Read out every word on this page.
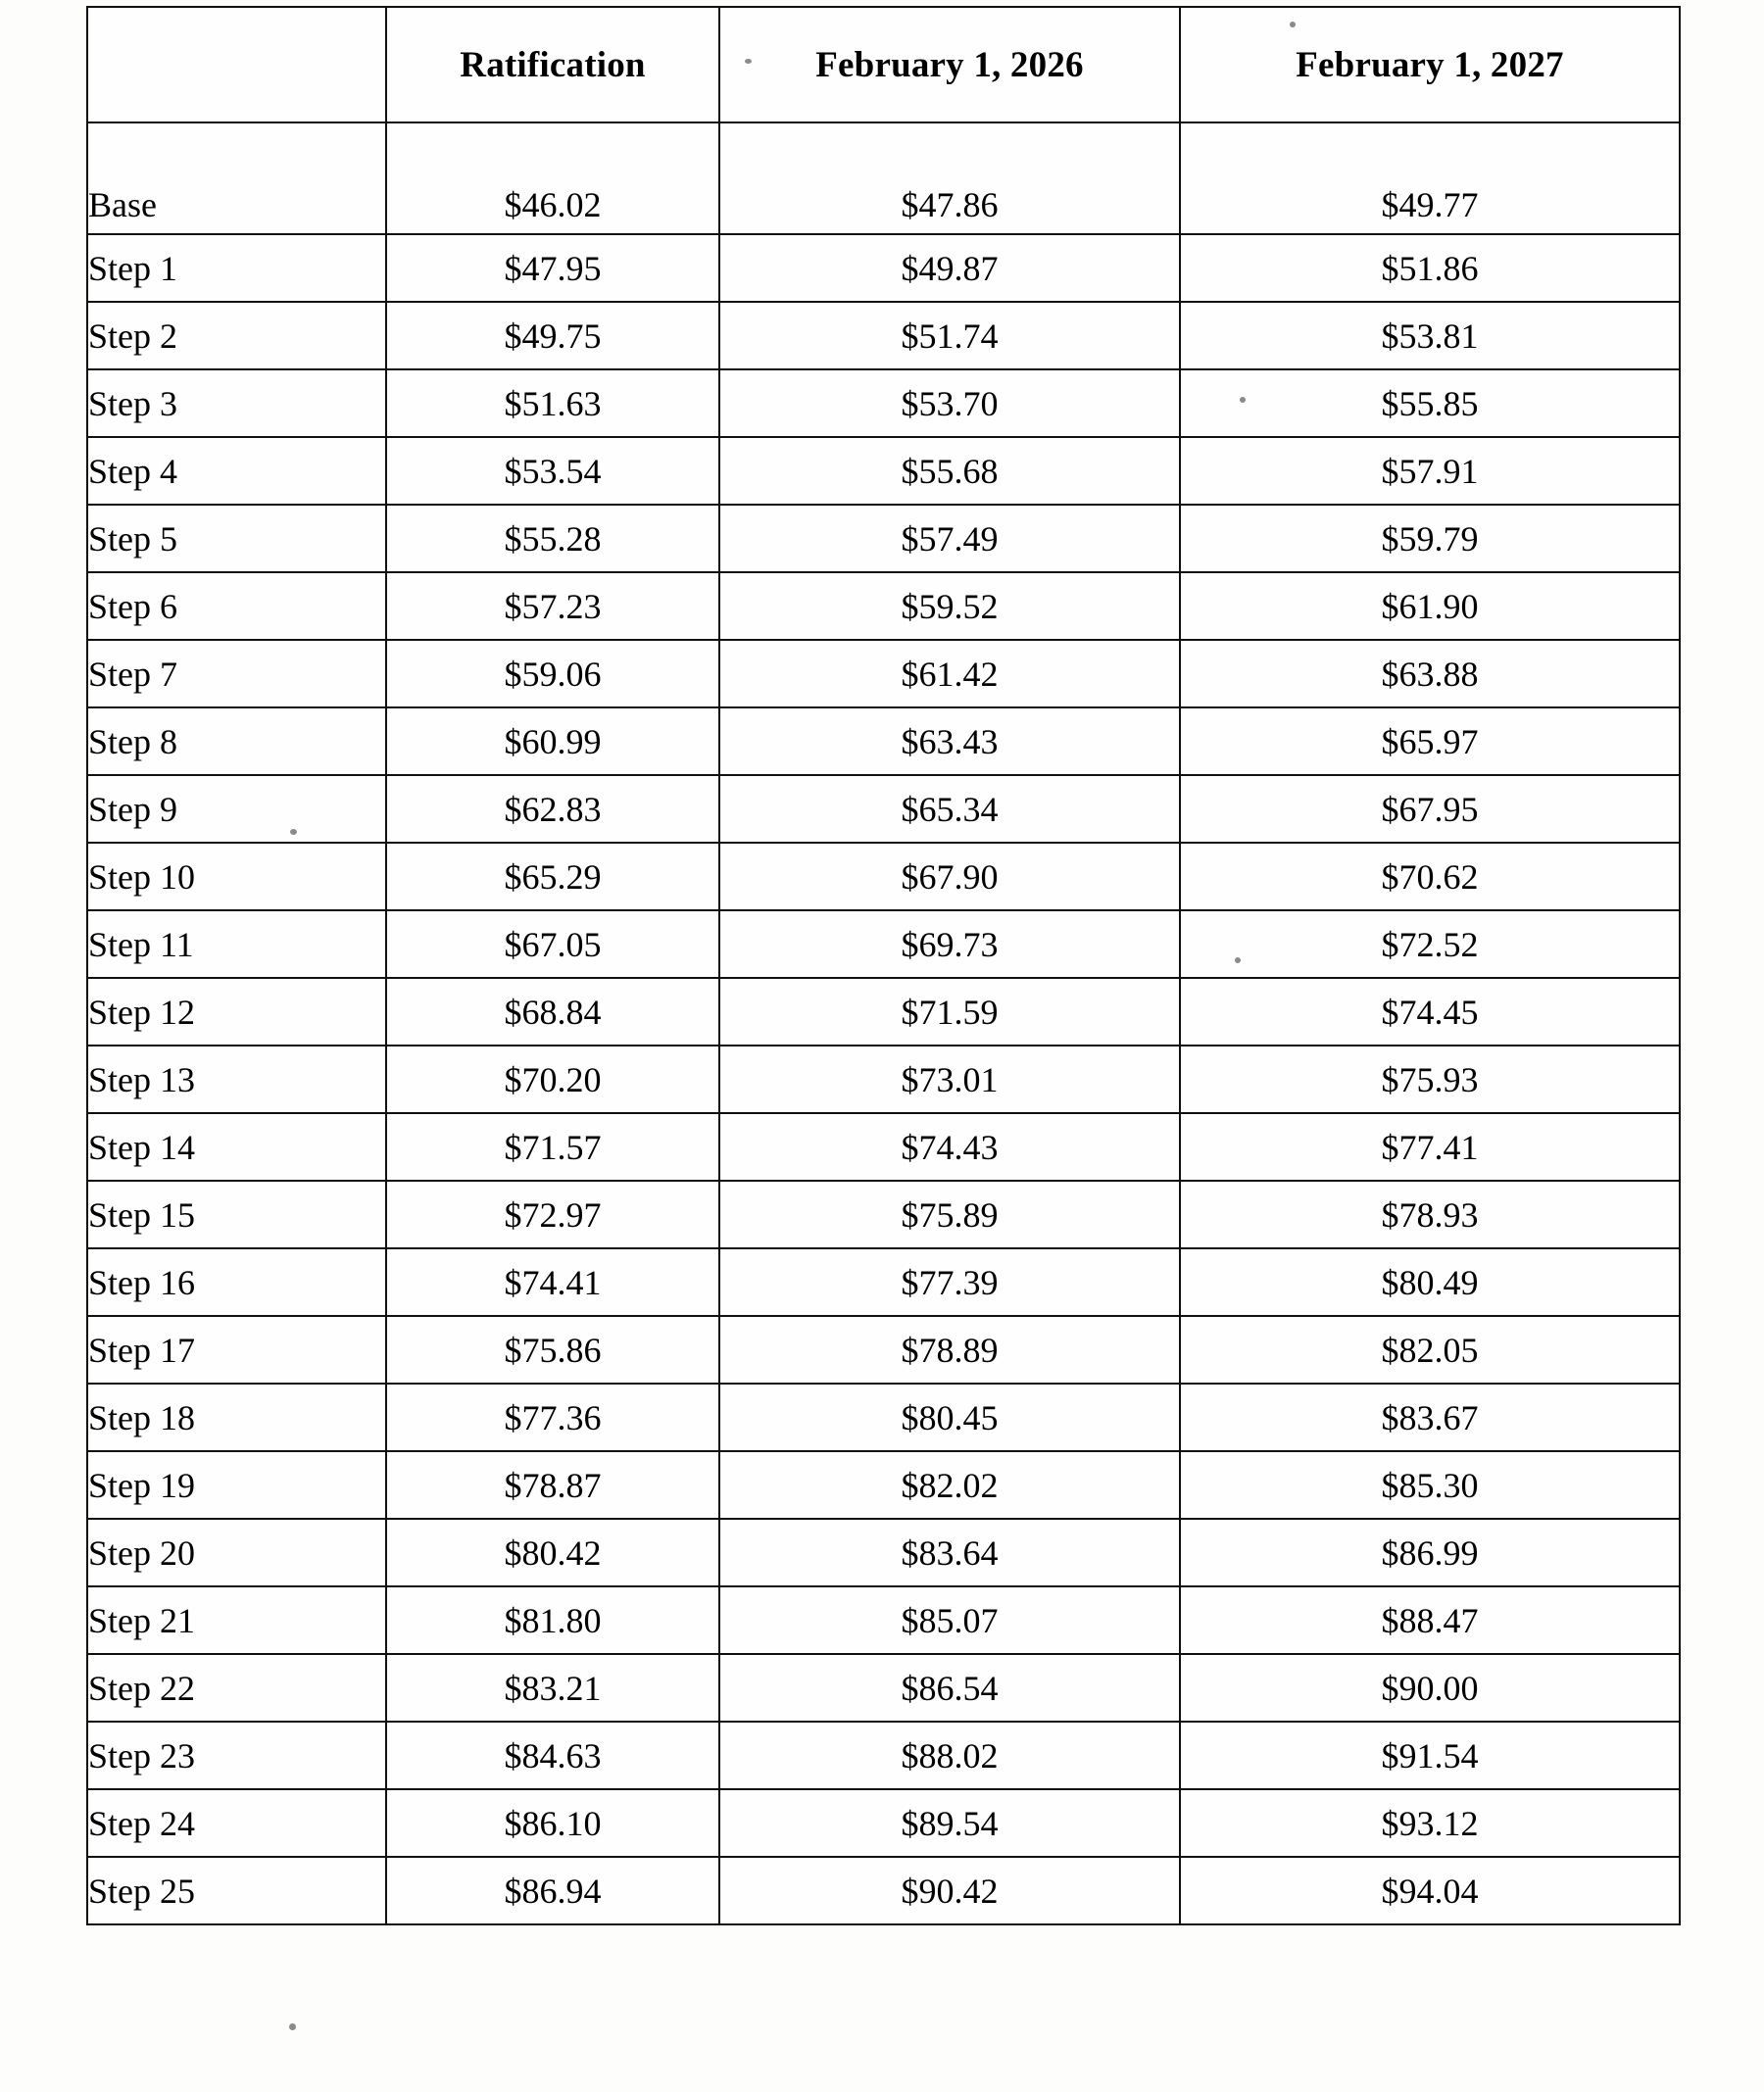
	Ratification	February 1, 2026	February 1, 2027
Base	$46.02	$47.86	$49.77
Step 1	$47.95	$49.87	$51.86
Step 2	$49.75	$51.74	$53.81
Step 3	$51.63	$53.70	$55.85
Step 4	$53.54	$55.68	$57.91
Step 5	$55.28	$57.49	$59.79
Step 6	$57.23	$59.52	$61.90
Step 7	$59.06	$61.42	$63.88
Step 8	$60.99	$63.43	$65.97
Step 9	$62.83	$65.34	$67.95
Step 10	$65.29	$67.90	$70.62
Step 11	$67.05	$69.73	$72.52
Step 12	$68.84	$71.59	$74.45
Step 13	$70.20	$73.01	$75.93
Step 14	$71.57	$74.43	$77.41
Step 15	$72.97	$75.89	$78.93
Step 16	$74.41	$77.39	$80.49
Step 17	$75.86	$78.89	$82.05
Step 18	$77.36	$80.45	$83.67
Step 19	$78.87	$82.02	$85.30
Step 20	$80.42	$83.64	$86.99
Step 21	$81.80	$85.07	$88.47
Step 22	$83.21	$86.54	$90.00
Step 23	$84.63	$88.02	$91.54
Step 24	$86.10	$89.54	$93.12
Step 25	$86.94	$90.42	$94.04
